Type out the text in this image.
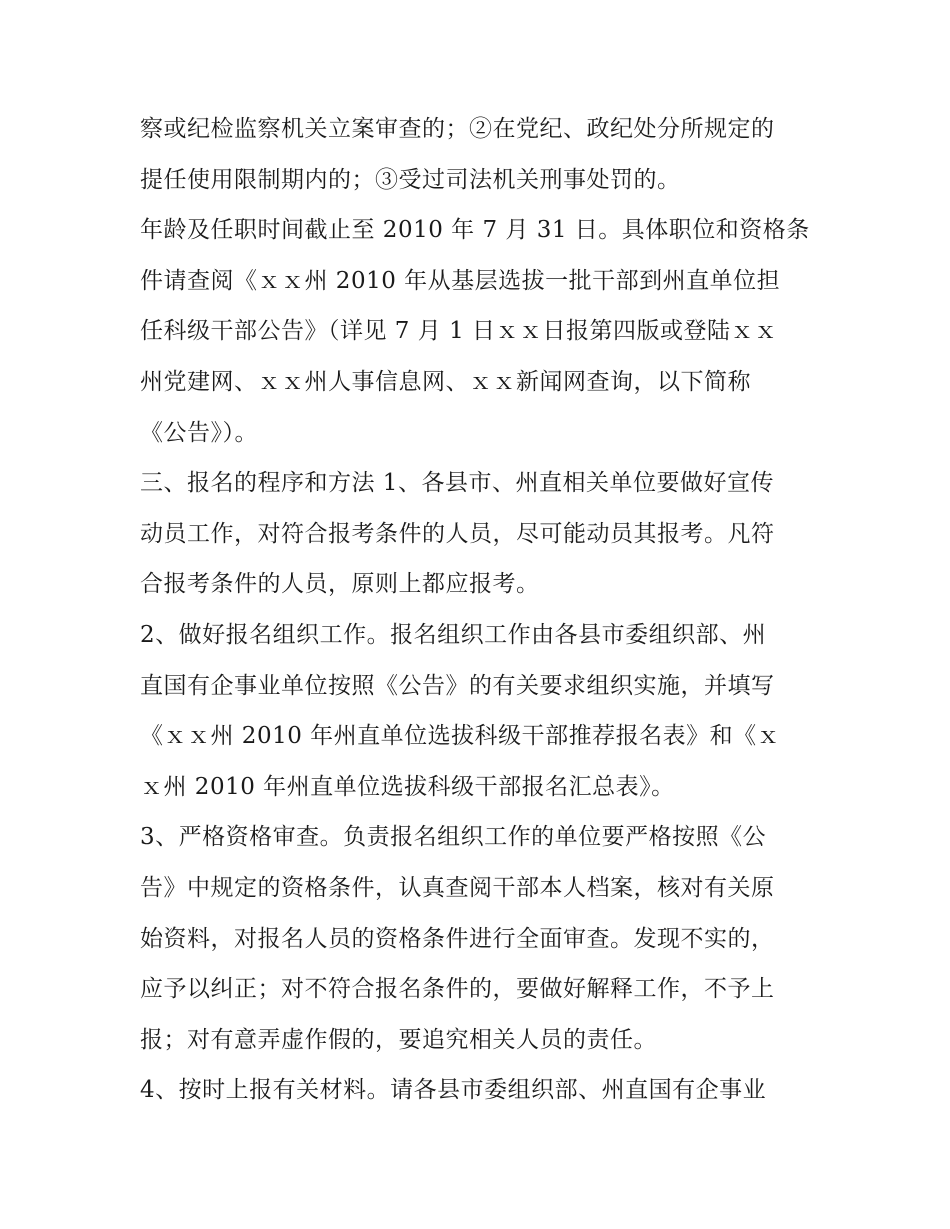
察或纪检监察机关立案审查的；②在党纪、政纪处分所规定的
提任使用限制期内的；③受过司法机关刑事处罚的。
年龄及任职时间截止至 2010 年 7 月 31 日。具体职位和资格条
件请查阅《ｘｘ州 2010 年从基层选拔一批干部到州直单位担
任科级干部公告》（详见 7 月 1 日ｘｘ日报第四版或登陆ｘｘ
州党建网、ｘｘ州人事信息网、ｘｘ新闻网查询，以下简称
《公告》）。
三、报名的程序和方法 1、各县市、州直相关单位要做好宣传
动员工作，对符合报考条件的人员，尽可能动员其报考。凡符
合报考条件的人员，原则上都应报考。
2、做好报名组织工作。报名组织工作由各县市委组织部、州
直国有企事业单位按照《公告》的有关要求组织实施，并填写
《ｘｘ州 2010 年州直单位选拔科级干部推荐报名表》和《ｘ
ｘ州 2010 年州直单位选拔科级干部报名汇总表》。
3、严格资格审查。负责报名组织工作的单位要严格按照《公
告》中规定的资格条件，认真查阅干部本人档案，核对有关原
始资料，对报名人员的资格条件进行全面审查。发现不实的，
应予以纠正；对不符合报名条件的，要做好解释工作，不予上
报；对有意弄虚作假的，要追究相关人员的责任。
4、按时上报有关材料。请各县市委组织部、州直国有企事业
